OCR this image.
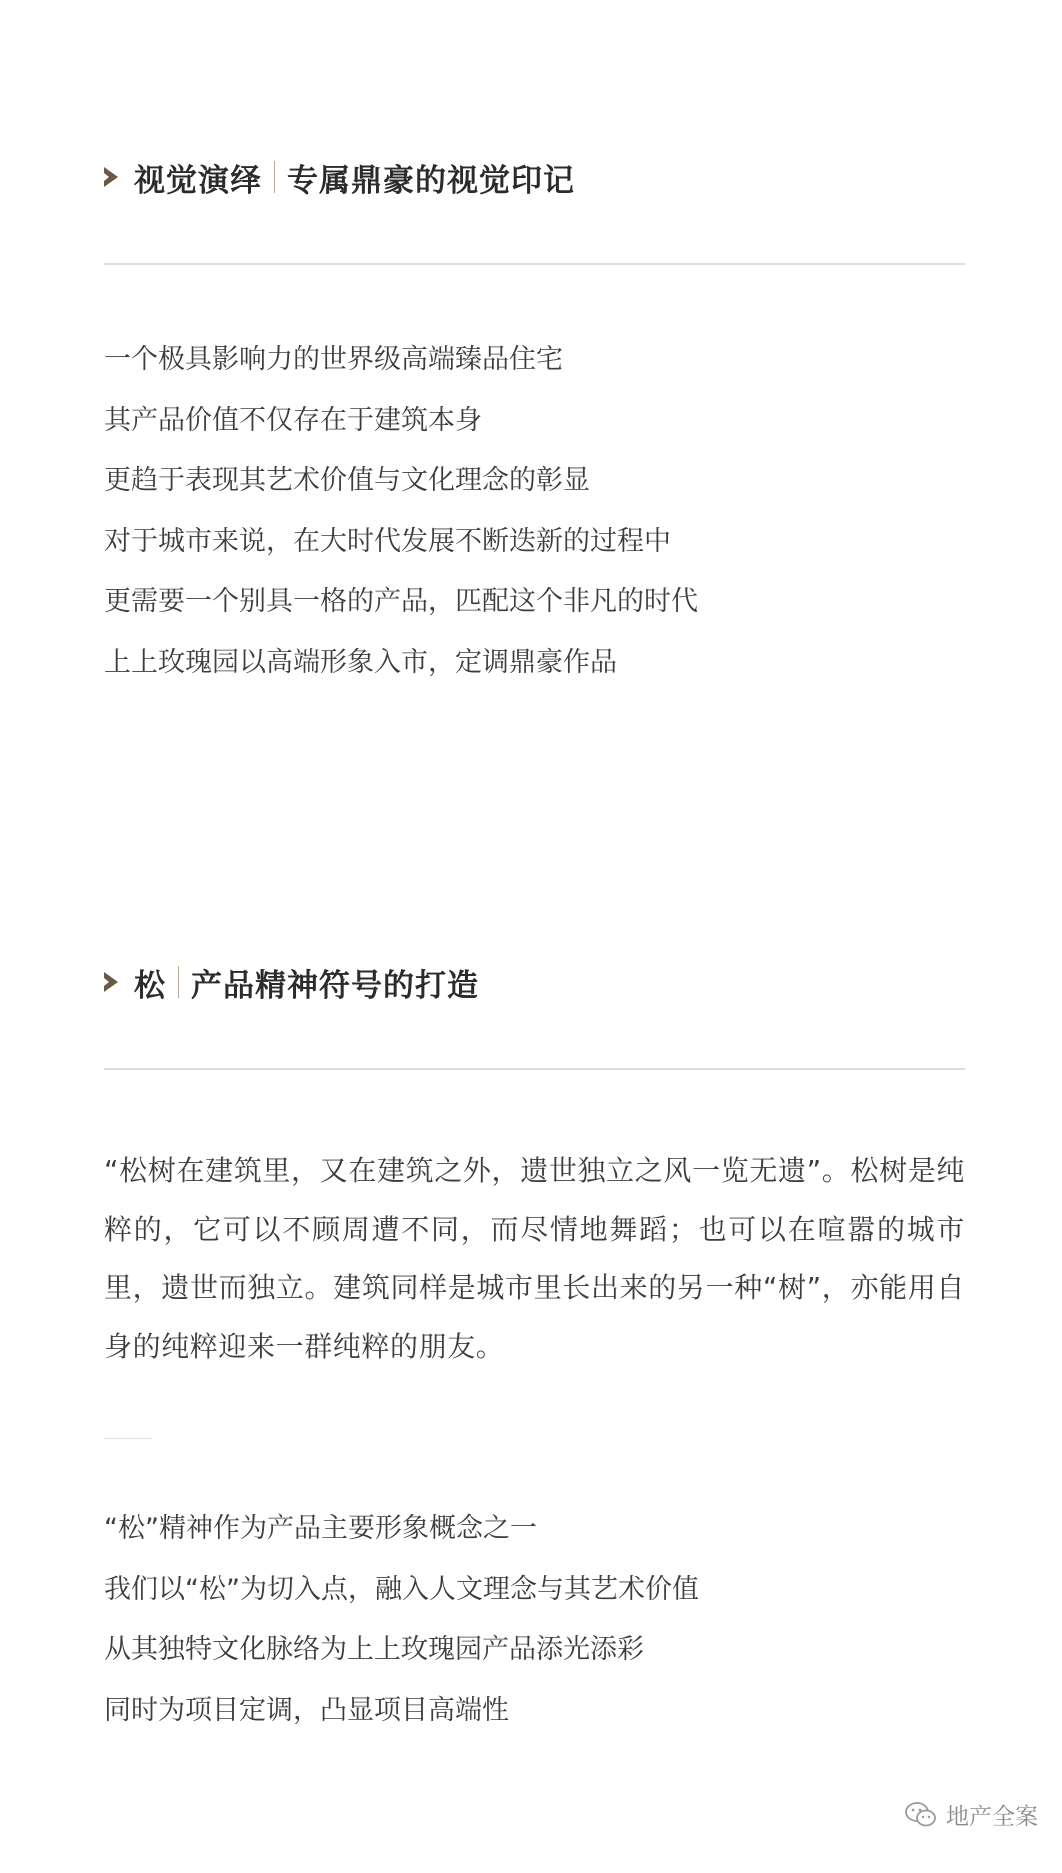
视觉演绎 专属鼎豪的视觉印记
一个极具影响力的世界级高端臻品住宅
其产品价值不仅存在于建筑本身
更趋于表现其艺术价值与文化理念的彰显
对于城市来说，在大时代发展不断迭新的过程中
更需要一个别具一格的产品，匹配这个非凡的时代
上上玫瑰园以高端形象入市，定调鼎豪作品
松 产品精神符号的打造
“松树在建筑里，又在建筑之外，遗世独立之风一览无遗”。松树是纯粹的，它可以不顾周遭不同，而尽情地舞蹈；也可以在喧嚣的城市里，遗世而独立。建筑同样是城市里长出来的另一种“树”，亦能用自身的纯粹迎来一群纯粹的朋友。
“松”精神作为产品主要形象概念之一
我们以“松”为切入点，融入人文理念与其艺术价值
从其独特文化脉络为上上玫瑰园产品添光添彩
同时为项目定调，凸显项目高端性
地产全案
